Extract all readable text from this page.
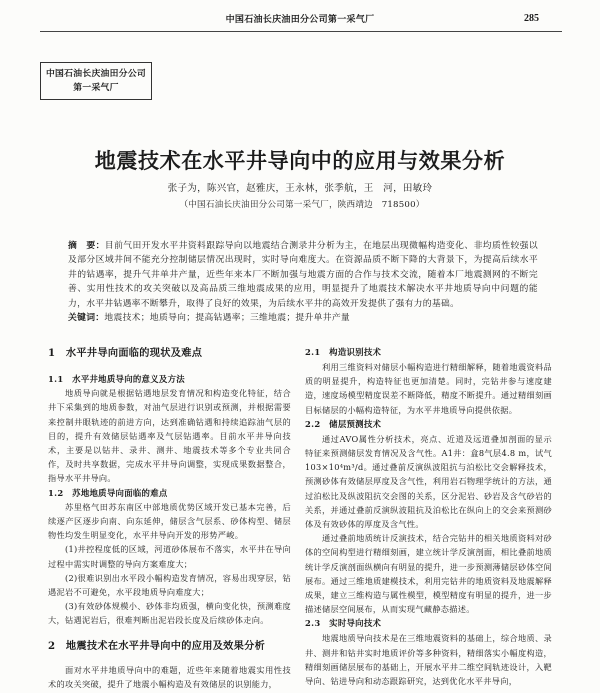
中国石油长庆油田分公司第一采气厂	285
中国石油长庆油田分公司
第一采气厂
地震技术在水平井导向中的应用与效果分析
张子为，陈兴官，赵雅庆，王永林，张季航，王　河，田敏玲
（中国石油长庆油田分公司第一采气厂，陕西靖边　718500）

摘　要：目前气田开发水平井资料跟踪导向以地震结合测录井分析为主，在地层出现微幅构造变化、非均质性较强以及部分区域井间不能充分控制储层情况出现时，实时导向难度大。在资源品质不断下降的大背景下，为提高后续水平井的钻遇率，提升气井单井产量，近些年来本厂不断加强与地震方面的合作与技术交流，随着本厂地震测网的不断完善、实用性技术的攻关突破以及高品质三维地震成果的应用，明显提升了地震技术解决水平井地质导向中问题的能力，水平井钻遇率不断攀升，取得了良好的效果，为后续水平井的高效开发提供了强有力的基础。

关键词：地震技术；地质导向；提高钻遇率；三维地震；提升单井产量

1　水平井导向面临的现状及难点
1.1　水平井地质导向的意义及方法

地质导向就是根据钻遇地层发育情况和构造变化特征，结合井下采集到的地质参数，对油气层进行识别或预测，并根据需要来控制井眼轨迹的前进方向，达到准确钻遇和持续追踪油气层的目的，提升有效储层钻遇率及气层钻遇率。目前水平井导向技术，主要是以钻井、录井、测井、地震技术等多个专业共同合作，及时共享数据，完成水平井导向调整，实现成果数据整合，指导水平井导向。

1.2　苏地地质导向面临的难点

苏里格气田苏东南区中部地质优势区域开发已基本完善，后续逐产区逐步向南、向东延伸，储层含气层系、砂体构型、储层物性均发生明显变化，水平井导向开发的形势严峻。

(1)井控程度低的区域，河道砂体展布不落实，水平井在导向过程中需实时调整的导向方案难度大；

(2)很难识别出水平段小幅构造发育情况，容易出现穿层，钻遇泥岩不可避免，水平段地质导向难度大；

(3)有效砂体规模小、砂体非均质强，横向变化快，预测难度大，钻遇泥岩后，很难判断出泥岩段长度及后续砂体走向。

2　地震技术在水平井导向中的应用及效果分析

面对水平井地质导向中的难题，近些年来随着地震实用性技术的攻关突破，提升了地震小幅构造及有效储层的识别能力，

2.1　构造识别技术

利用三维资料对储层小幅构造进行精细解释，随着地震资料品质的明显提升，构造特征也更加清楚。同时，完钻井参与速度建造，速度场模型精度误差不断降低，精度不断提升。通过精细刻画目标储层的小幅构造特征，为水平井地质导向提供依据。

2.2　储层预测技术

通过AVO属性分析技术，亮点、近道及远道叠加剖面的显示特征来预测储层发育情况及含气性。A1井：盒8气层4.8 m，试气103×10⁴m³/d。通过叠前反演纵波阻抗与泊松比交会解释技术，预测砂体有效储层厚度及含气性，利用岩石物理学统计的方法，通过泊松比及纵波阻抗交会图的关系，区分泥岩、砂岩及含气砂岩的关系，并通过叠前反演纵波阻抗及泊松比在纵向上的交会来预测砂体及有效砂体的厚度及含气性。

通过叠前地质统计反演技术，结合完钻井的相关地质资料对砂体的空间构型进行精细刻画，建立统计学反演剖面，相比叠前地质统计学反演剖面纵横向有明显的提升，进一步预测薄储层砂体空间展布。通过三维地质建模技术，利用完钻井的地质资料及地震解释成果，建立三维构造与属性模型，模型精度有明显的提升，进一步描述储层空间展布，从而实现气藏静态描述。

2.3　实时导向技术

地震地质导向技术是在三维地震资料的基础上，综合地质、录井、测井和钻井实时地质评价等多种资料，精细落实小幅度构造，精细刻画储层展布的基础上，开展水平井二维空间轨迹设计，入靶导向、钻进导向和动态跟踪研究，达到优化水平井导向，
